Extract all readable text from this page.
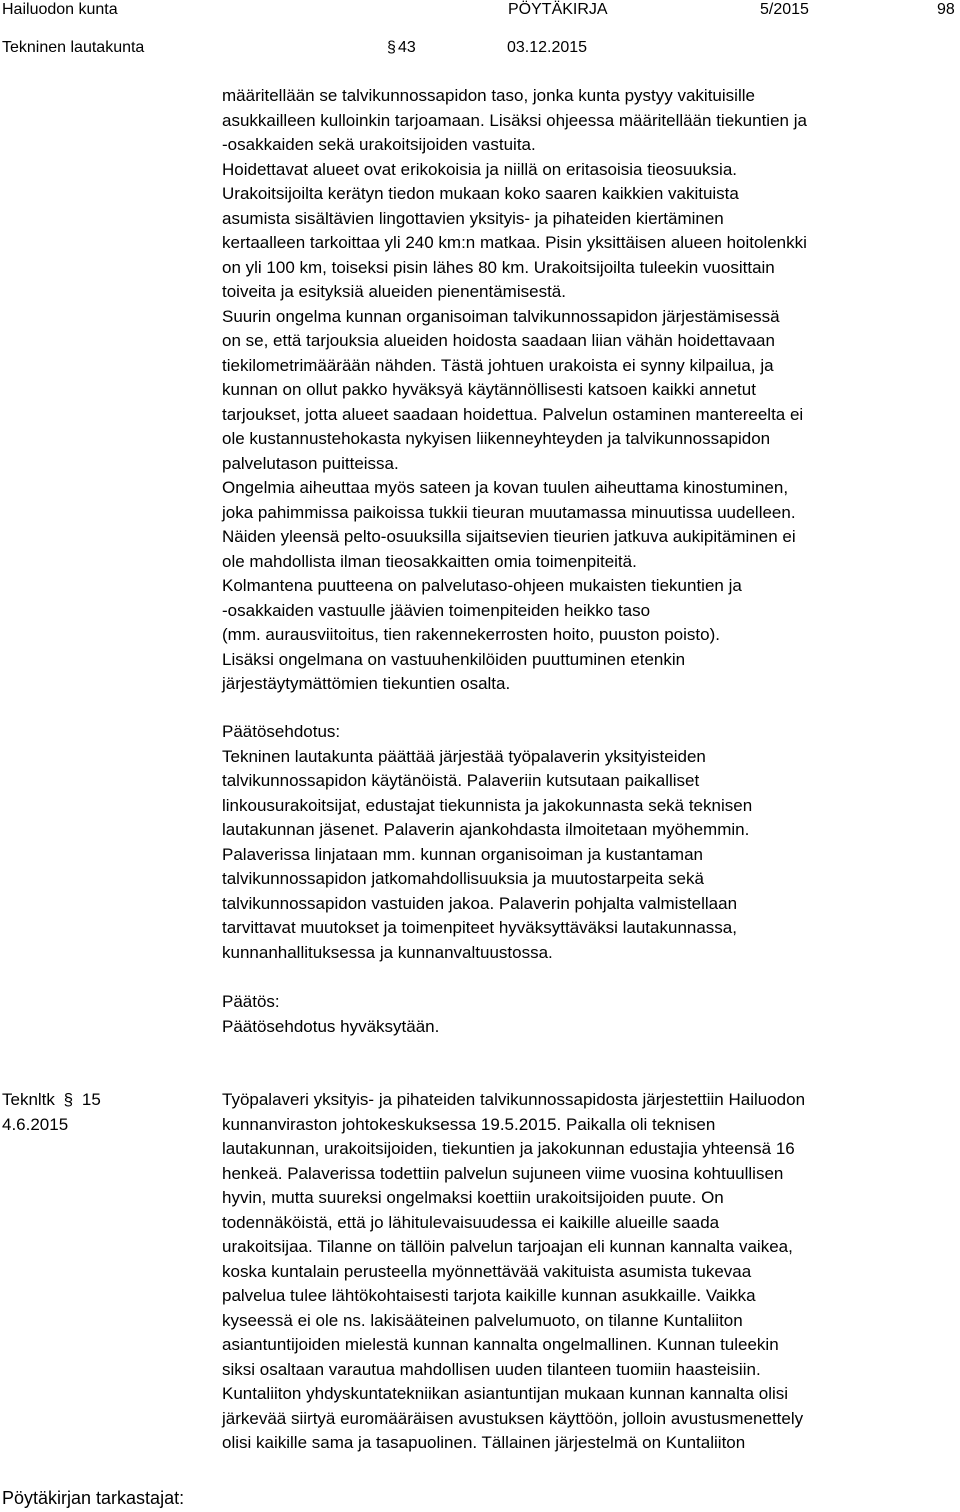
Hailuodon kunta	PÖYTÄKIRJA	5/2015	98
Tekninen lautakunta	§ 43	03.12.2015
määritellään se talvikunnossapidon taso, jonka kunta pystyy vakituisille
asukkailleen kulloinkin tarjoamaan. Lisäksi ohjeessa määritellään tiekuntien ja
-osakkaiden sekä urakoitsijoiden vastuita.
Hoidettavat alueet ovat erikokoisia ja niillä on eritasoisia tieosuuksia.
Urakoitsijoilta kerätyn tiedon mukaan koko saaren kaikkien vakituista
asumista sisältävien lingottavien yksityis- ja pihateiden kiertäminen
kertaalleen tarkoittaa yli 240 km:n matkaa. Pisin yksittäisen alueen hoitolenkki
on yli 100 km, toiseksi pisin lähes 80 km. Urakoitsijoilta tuleekin vuosittain
toiveita ja esityksiä alueiden pienentämisestä.
Suurin ongelma kunnan organisoiman talvikunnossapidon järjestämisessä
on se, että tarjouksia alueiden hoidosta saadaan liian vähän hoidettavaan
tiekilometrimäärään nähden. Tästä johtuen urakoista ei synny kilpailua, ja
kunnan on ollut pakko hyväksyä käytännöllisesti katsoen kaikki annetut
tarjoukset, jotta alueet saadaan hoidettua. Palvelun ostaminen mantereelta ei
ole kustannustehokasta nykyisen liikenneyhteyden ja talvikunnossapidon
palvelutason puitteissa.
Ongelmia aiheuttaa myös sateen ja kovan tuulen aiheuttama kinostuminen,
joka pahimmissa paikoissa tukkii tieuran muutamassa minuutissa uudelleen.
Näiden yleensä pelto-osuuksilla sijaitsevien tieurien jatkuva aukipitäminen ei
ole mahdollista ilman tieosakkaitten omia toimenpiteitä.
Kolmantena puutteena on palvelutaso-ohjeen mukaisten tiekuntien ja
-osakkaiden vastuulle jäävien toimenpiteiden heikko taso
(mm. aurausviitoitus, tien rakennekerrosten hoito, puuston poisto).
Lisäksi ongelmana on vastuuhenkilöiden puuttuminen etenkin
järjestäytymättömien tiekuntien osalta.
Päätösehdotus:
Tekninen lautakunta päättää järjestää työpalaverin yksityisteiden
talvikunnossapidon käytänöistä. Palaveriin kutsutaan paikalliset
linkousurakoitsijat, edustajat tiekunnista ja jakokunnasta sekä teknisen
lautakunnan jäsenet. Palaverin ajankohdasta ilmoitetaan myöhemmin.
Palaverissa linjataan mm. kunnan organisoiman ja kustantaman
talvikunnossapidon jatkomahdollisuuksia ja muutostarpeita sekä
talvikunnossapidon vastuiden jakoa. Palaverin pohjalta valmistellaan
tarvittavat muutokset ja toimenpiteet hyväksyttäväksi lautakunnassa,
kunnanhallituksessa ja kunnanvaltuustossa.
Päätös:
Päätösehdotus hyväksytään.
Teknltk § 15
4.6.2015
Työpalaveri yksityis- ja pihateiden talvikunnossapidosta järjestettiin Hailuodon
kunnanviraston johtokeskuksessa 19.5.2015. Paikalla oli teknisen
lautakunnan, urakoitsijoiden, tiekuntien ja jakokunnan edustajia yhteensä 16
henkeä. Palaverissa todettiin palvelun sujuneen viime vuosina kohtuullisen
hyvin, mutta suureksi ongelmaksi koettiin urakoitsijoiden puute. On
todennäköistä, että jo lähitulevaisuudessa ei kaikille alueille saada
urakoitsijaa. Tilanne on tällöin palvelun tarjoajan eli kunnan kannalta vaikea,
koska kuntalain perusteella myönnettävää vakituista asumista tukevaa
palvelua tulee lähtökohtaisesti tarjota kaikille kunnan asukkaille. Vaikka
kyseessä ei ole ns. lakisääteinen palvelumuoto, on tilanne Kuntaliiton
asiantuntijoiden mielestä kunnan kannalta ongelmallinen. Kunnan tuleekin
siksi osaltaan varautua mahdollisen uuden tilanteen tuomiin haasteisiin.
Kuntaliiton yhdyskuntatekniikan asiantuntijan mukaan kunnan kannalta olisi
järkevää siirtyä euromääräisen avustuksen käyttöön, jolloin avustusmenettely
olisi kaikille sama ja tasapuolinen. Tällainen järjestelmä on Kuntaliiton
Pöytäkirjan tarkastajat:
